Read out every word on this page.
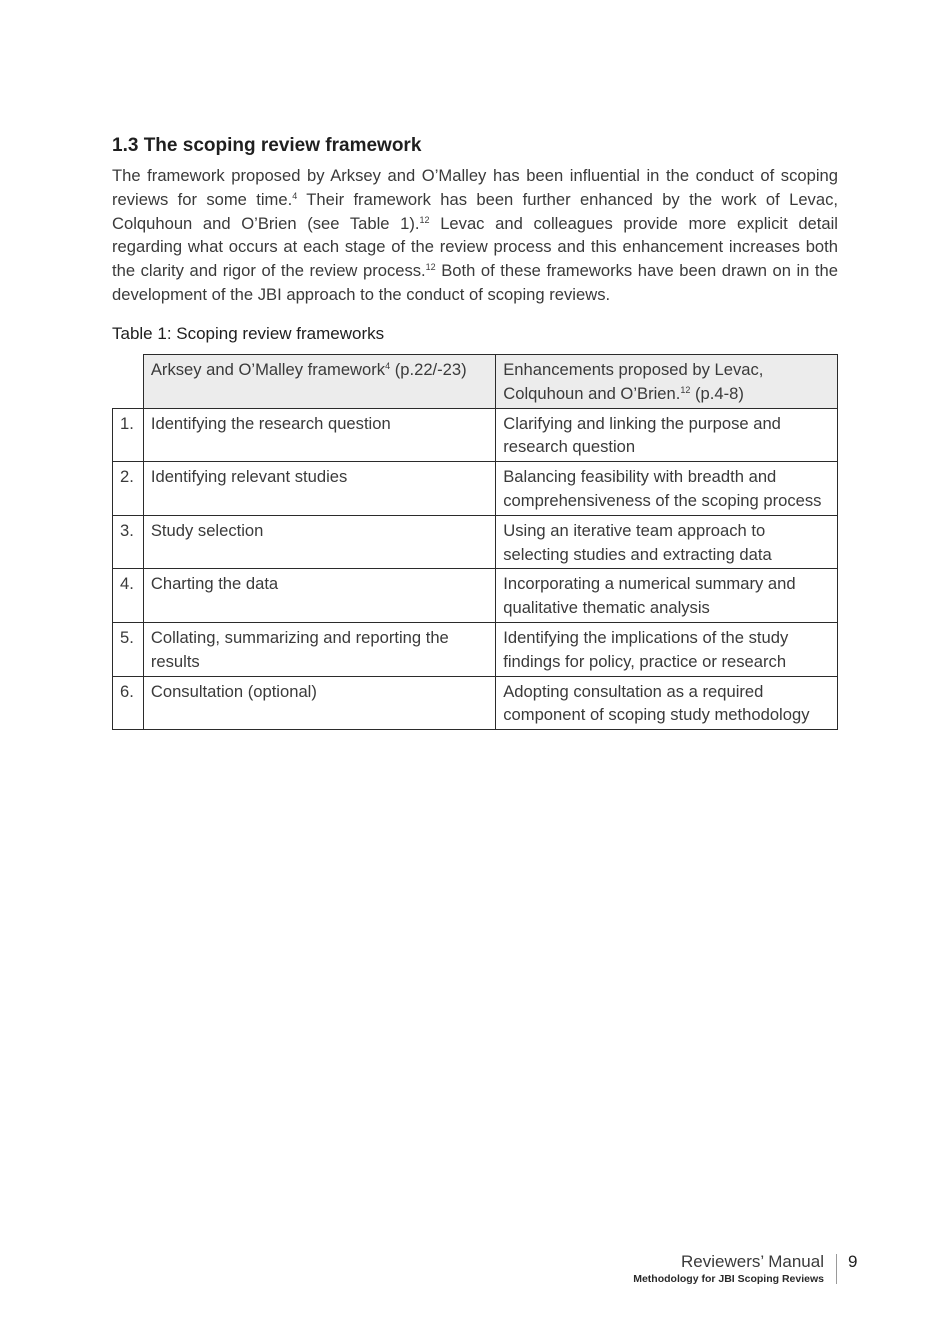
1.3 The scoping review framework

The framework proposed by Arksey and O’Malley has been influential in the conduct of scoping reviews for some time.$^4$ Their framework has been further enhanced by the work of Levac, Colquhoun and O’Brien (see Table 1).$^{12}$ Levac and colleagues provide more explicit detail regarding what occurs at each stage of the review process and this enhancement increases both the clarity and rigor of the review process.$^{12}$ Both of these frameworks have been drawn on in the development of the JBI approach to the conduct of scoping reviews.

Table 1: Scoping review frameworks

	Arksey and O’Malley framework$^4$ (p.22/-23)	Enhancements proposed by Levac, Colquhoun and O’Brien.$^{12}$ (p.4-8)
1.	Identifying the research question	Clarifying and linking the purpose and research question
2.	Identifying relevant studies	Balancing feasibility with breadth and comprehensiveness of the scoping process
3.	Study selection	Using an iterative team approach to selecting studies and extracting data
4.	Charting the data	Incorporating a numerical summary and qualitative thematic analysis
5.	Collating, summarizing and reporting the results	Identifying the implications of the study findings for policy, practice or research
6.	Consultation (optional)	Adopting consultation as a required component of scoping study methodology
Reviewers’ Manual
Methodology for JBI Scoping Reviews
9
